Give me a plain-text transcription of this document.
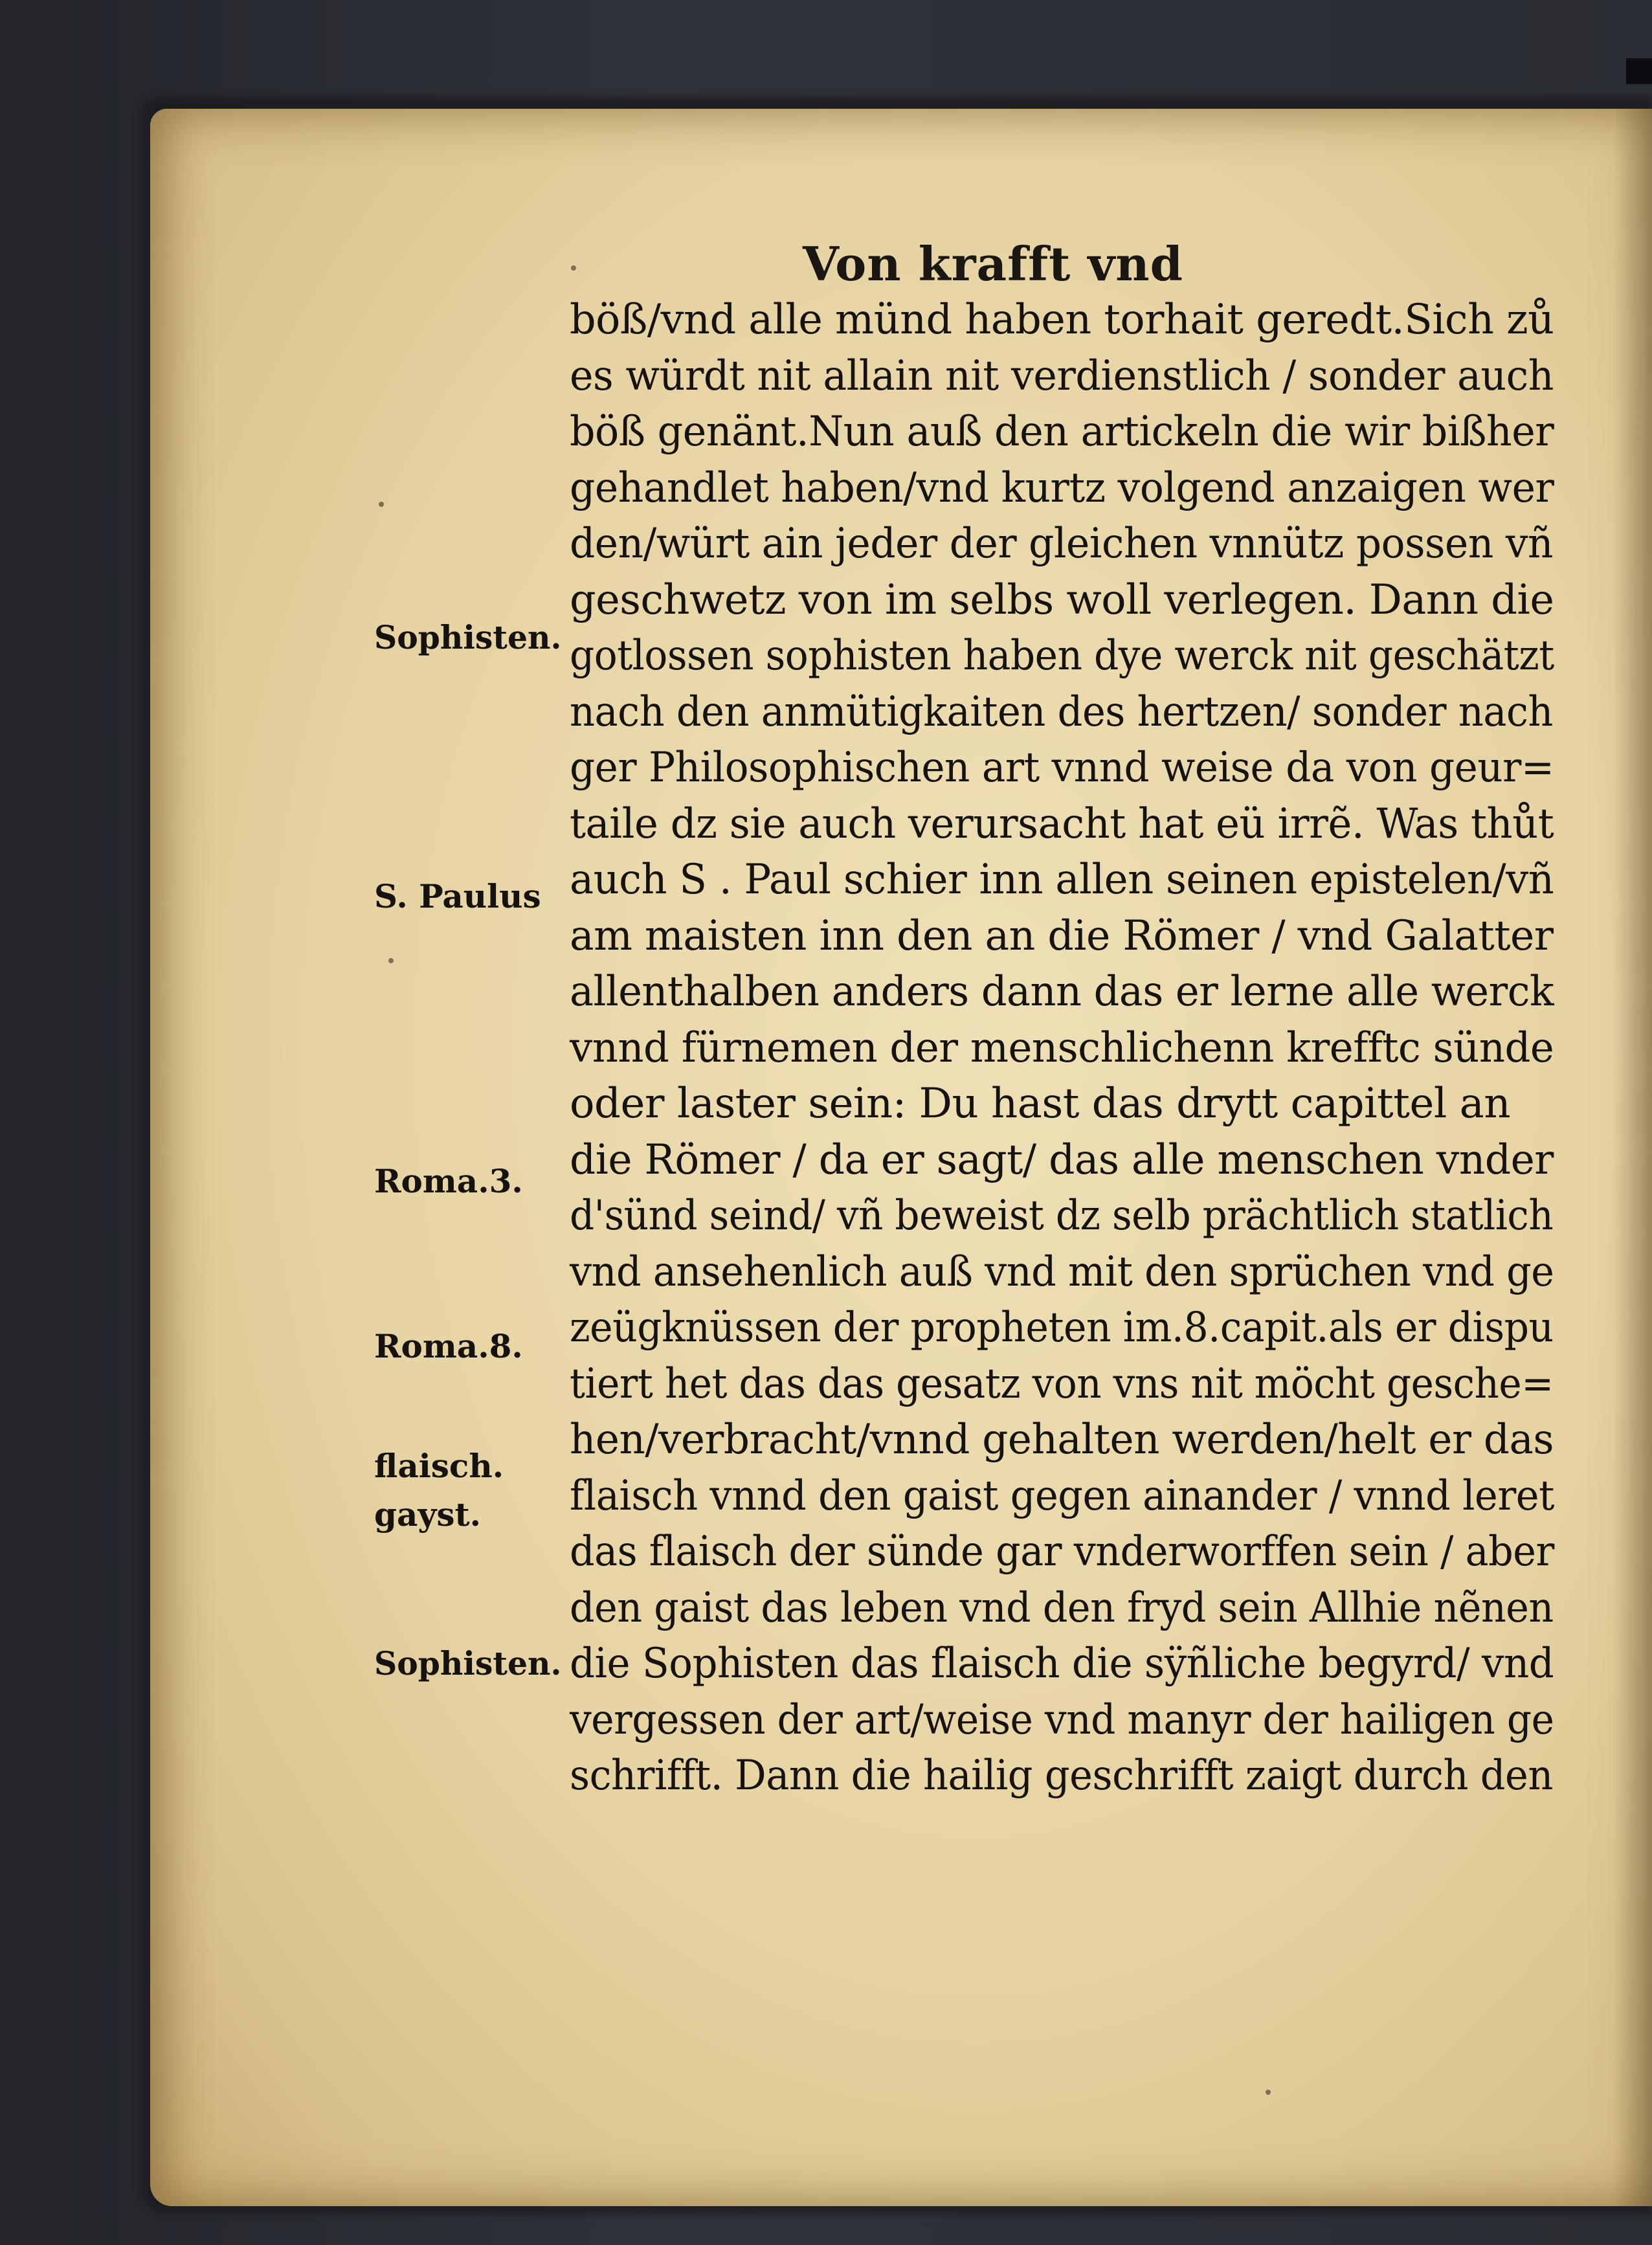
Von krafft vnd
böß/vnd alle münd haben torhait geredt.Sich zů
es würdt nit allain nit verdienstlich / sonder auch
böß genänt.Nun auß den artickeln die wir bißher
gehandlet haben/vnd kurtz volgend anzaigen wer
den/würt ain jeder der gleichen vnnütz possen vñ
geschwetz von im selbs woll verlegen. Dann die
gotlossen sophisten haben dye werck nit geschätzt
nach den anmütigkaiten des hertzen/ sonder nach
ger Philosophischen art vnnd weise da von geur=
taile dz sie auch verursacht hat eü irrẽ. Was thůt
auch S . Paul schier inn allen seinen epistelen/vñ
am maisten inn den an die Römer / vnd Galatter
allenthalben anders dann das er lerne alle werck
vnnd fürnemen der menschlichenn krefftc sünde
oder laster sein: Du hast das drytt capittel an
die Römer / da er sagt/ das alle menschen vnder
d'sünd seind/ vñ beweist dz selb prächtlich statlich
vnd ansehenlich auß vnd mit den sprüchen vnd ge
zeügknüssen der propheten im.8.capit.als er dispu
tiert het das das gesatz von vns nit möcht gesche=
hen/verbracht/vnnd gehalten werden/helt er das
flaisch vnnd den gaist gegen ainander / vnnd leret
das flaisch der sünde gar vnderworffen sein / aber
den gaist das leben vnd den fryd sein Allhie nẽnen
die Sophisten das flaisch die sÿñliche begyrd/ vnd
vergessen der art/weise vnd manyr der hailigen ge
schrifft. Dann die hailig geschrifft zaigt durch den
Sophisten.
S. Paulus
Roma.3.
Roma.8.
flaisch.
gayst.
Sophisten.
